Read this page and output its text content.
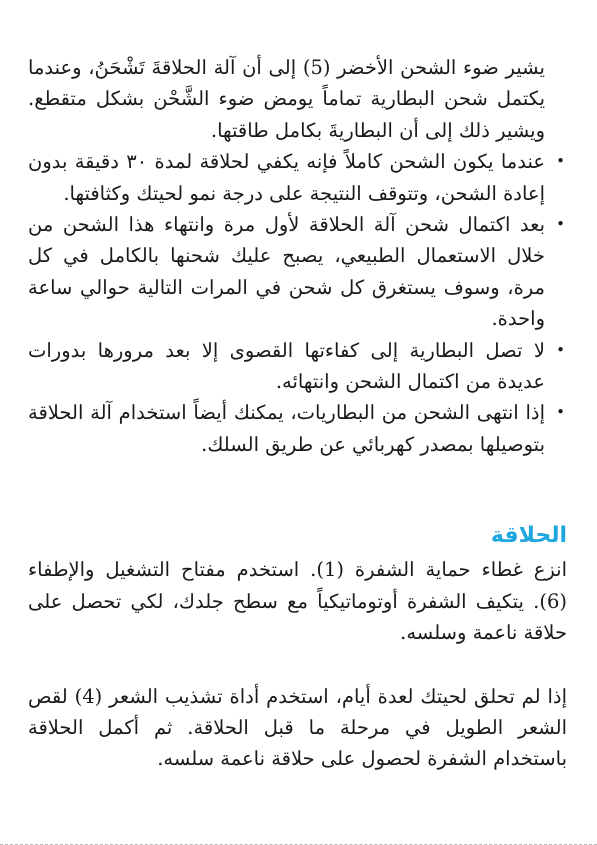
يشير ضوء الشحن الأخضر (5) إلى أن آلة الحلاقةَ تَشْحَنُ، وعندما يكتمل شحن البطارية تماماً يومض ضوء الشَّحْن بشكل متقطع. ويشير ذلك إلى أن البطاريةَ بكامل طاقتها.

•
عندما يكون الشحن كاملاً فإنه يكفي لحلاقة لمدة ٣٠ دقيقة بدون إعادة الشحن، وتتوقف النتيجة على درجة نمو لحيتك وكثافتها.
•
بعد اكتمال شحن آلة الحلاقة لأول مرة وانتهاء هذا الشحن من خلال الاستعمال الطبيعي، يصبح عليك شحنها بالكامل في كل مرة، وسوف يستغرق كل شحن في المرات التالية حوالي ساعة واحدة.
•
لا تصل البطارية إلى كفاءتها القصوى إلا بعد مرورها بدورات عديدة من اكتمال الشحن وانتهائه.
•
إذا انتهى الشحن من البطاريات، يمكنك أيضاً استخدام آلة الحلاقة بتوصيلها بمصدر كهربائي عن طريق السلك.
الحلاقة

انزع غطاء حماية الشفرة (1). استخدم مفتاح التشغيل والإطفاء (6). يتكيف الشفرة أوتوماتيكياً مع سطح جلدك، لكي تحصل على حلاقة ناعمة وسلسه.

إذا لم تحلق لحيتك لعدة أيام، استخدم أداة تشذيب الشعر (4) لقص الشعر الطويل في مرحلة ما قبل الحلاقة. ثم أكمل الحلاقة باستخدام الشفرة لحصول على حلاقة ناعمة سلسه.
